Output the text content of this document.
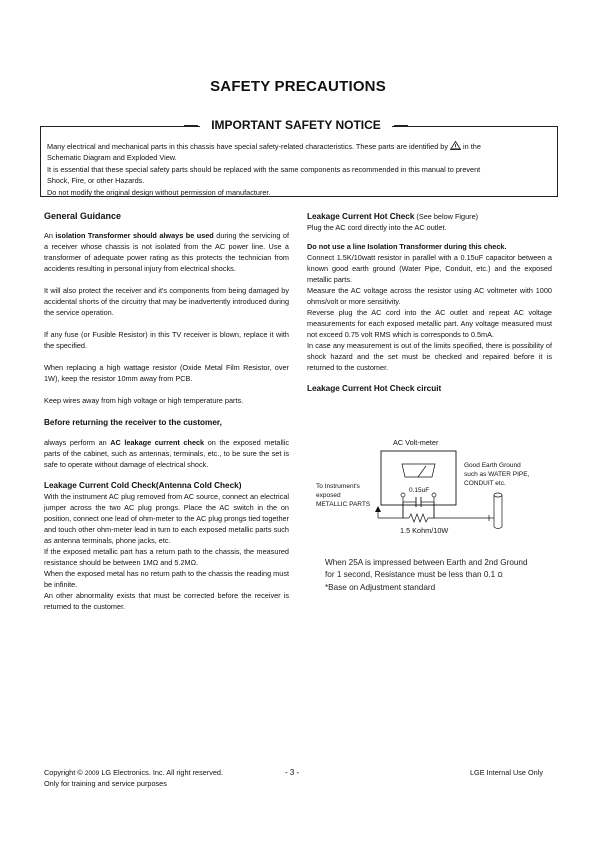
SAFETY PRECAUTIONS
IMPORTANT SAFETY NOTICE

Many electrical and mechanical parts in this chassis have special safety-related characteristics. These parts are identified by in the

Schematic Diagram and Exploded View.

It is essential that these special safety parts should be replaced with the same components as recommended in this manual to prevent

Shock, Fire, or other Hazards.

Do not modify the original design without permission of manufacturer.

General Guidance

An isolation Transformer should always be used during the servicing of a receiver whose chassis is not isolated from the AC power line. Use a transformer of adequate power rating as this protects the technician from accidents resulting in personal injury from electrical shocks.

It will also protect the receiver and it's components from being damaged by accidental shorts of the circuitry that may be inadvertently introduced during the service operation.

If any fuse (or Fusible Resistor) in this TV receiver is blown, replace it with the specified.

When replacing a high wattage resistor (Oxide Metal Film Resistor, over 1W), keep the resistor 10mm away from PCB.

Keep wires away from high voltage or high temperature parts.

Before returning the receiver to the customer,

always perform an AC leakage current check on the exposed metallic parts of the cabinet, such as antennas, terminals, etc., to be sure the set is safe to operate without damage of electrical shock.

Leakage Current Cold Check(Antenna Cold Check)

With the instrument AC plug removed from AC source, connect an electrical jumper across the two AC plug prongs. Place the AC switch in the on position, connect one lead of ohm-meter to the AC plug prongs tied together and touch other ohm-meter lead in turn to each exposed metallic parts such as antenna terminals, phone jacks, etc.

If the exposed metallic part has a return path to the chassis, the measured resistance should be between 1MΩ and 5.2MΩ.

When the exposed metal has no return path to the chassis the reading must be infinite.

An other abnormality exists that must be corrected before the receiver is returned to the customer.

Leakage Current Hot Check (See below Figure)

Plug the AC cord directly into the AC outlet.

Do not use a line Isolation Transformer during this check.

Connect 1.5K/10watt resistor in parallel with a 0.15uF capacitor between a known good earth ground (Water Pipe, Conduit, etc.) and the exposed metallic parts.

Measure the AC voltage across the resistor using AC voltmeter with 1000 ohms/volt or more sensitivity.

Reverse plug the AC cord into the AC outlet and repeat AC voltage measurements for each exposed metallic part. Any voltage measured must not exceed 0.75 volt RMS which is corresponds to 0.5mA.

In case any measurement is out of the limits specified, there is possibility of shock hazard and the set must be checked and repaired before it is returned to the customer.

Leakage Current Hot Check circuit

AC Volt-meter
0.15uF
1.5 Kohm/10W
To Instrument's exposed METALLIC PARTS
Good Earth Ground such as WATER PIPE, CONDUIT etc.
When 25A is impressed between Earth and 2nd Ground
for 1 second, Resistance must be less than 0.1 Ω
*Base on Adjustment standard
Copyright © 2009 LG Electronics. Inc. All right reserved.
Only for training and service purposes
- 3 -	LGE Internal Use Only
